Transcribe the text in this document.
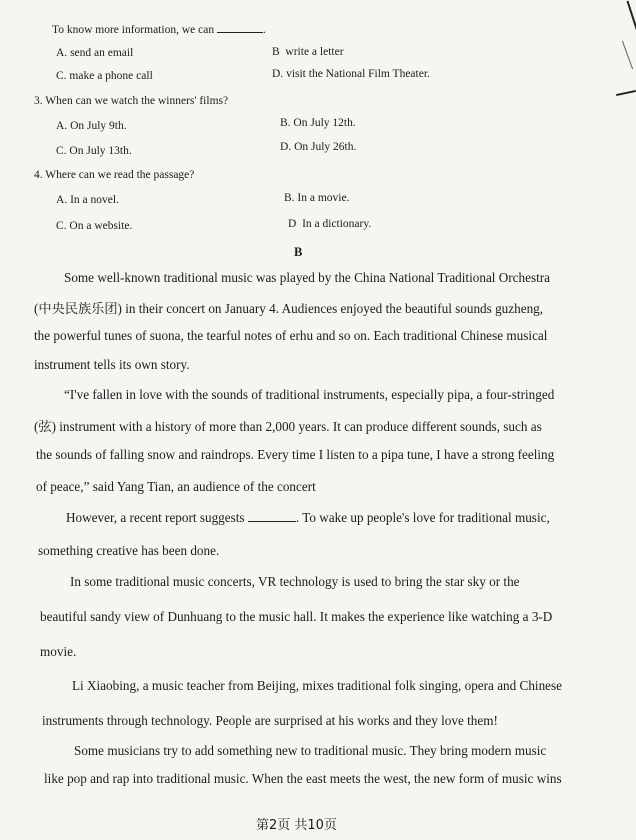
To know more information, we can	.
A. send an email	B write a letter
C. make a phone call	D. visit the National Film Theater.
3. When can we watch the winners' films?
A. On July 9th.	B. On July 12th.
C. On July 13th.	D. On July 26th.
4. Where can we read the passage?
A. In a novel.	B. In a movie.
C. On a website.	D In a dictionary.
B
Some well-known traditional music was played by the China National Traditional Orchestra
(中央民族乐团) in their concert on January 4. Audiences enjoyed the beautiful sounds guzheng,
the powerful tunes of suona, the tearful notes of erhu and so on. Each traditional Chinese musical
instrument tells its own story.
“I've fallen in love with the sounds of traditional instruments, especially pipa, a four-stringed
(弦) instrument with a history of more than 2,000 years. It can produce different sounds, such as
the sounds of falling snow and raindrops. Every time I listen to a pipa tune, I have a strong feeling
of peace,” said Yang Tian, an audience of the concert
However, a recent report suggests	. To wake up people's love for traditional music,
something creative has been done.
In some traditional music concerts, VR technology is used to bring the star sky or the
beautiful sandy view of Dunhuang to the music hall. It makes the experience like watching a 3-D
movie.
Li Xiaobing, a music teacher from Beijing, mixes traditional folk singing, opera and Chinese
instruments through technology. People are surprised at his works and they love them!
Some musicians try to add something new to traditional music. They bring modern music
like pop and rap into traditional music. When the east meets the west, the new form of music wins
第2页 共10页
